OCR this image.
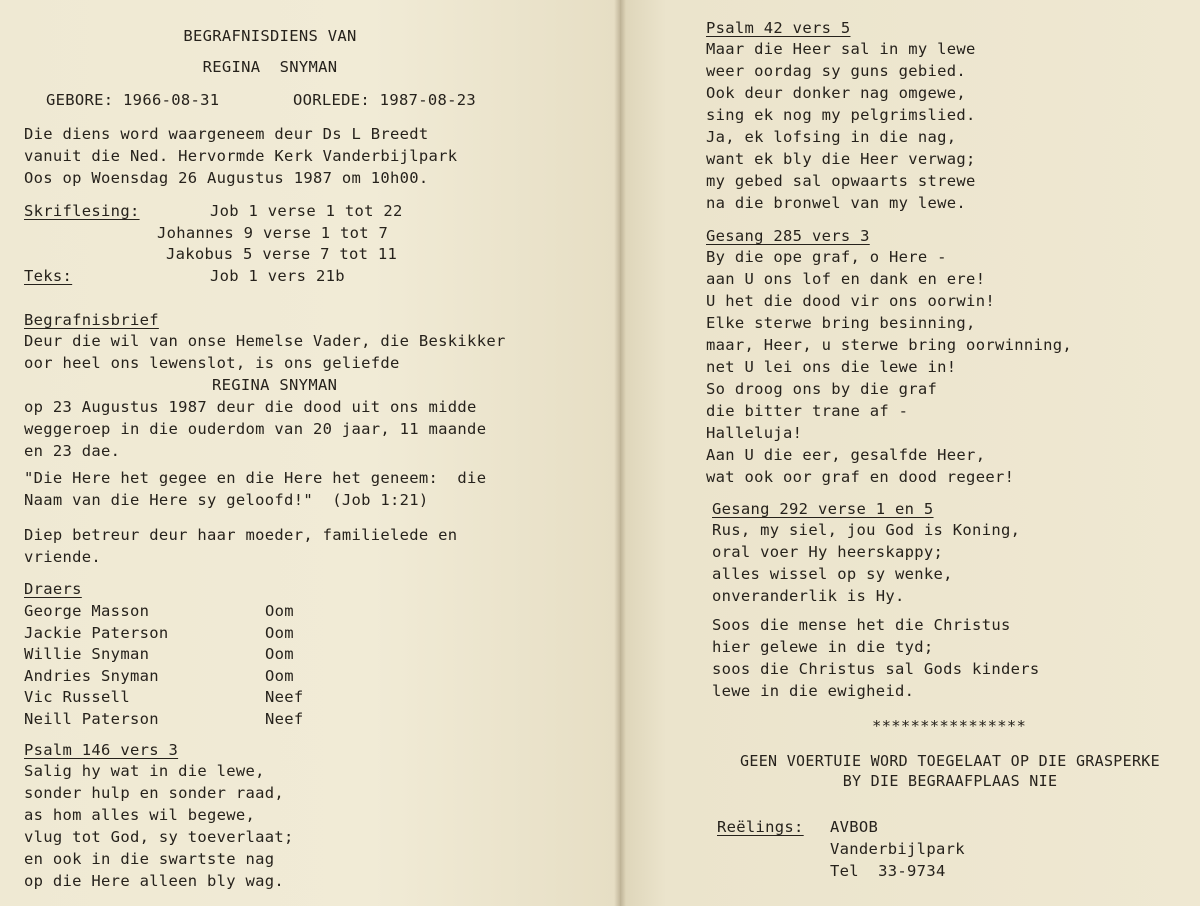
BEGRAFNISDIENS VAN
REGINA  SNYMAN
GEBORE: 1966-08-31	OORLEDE: 1987-08-23
Die diens word waargeneem deur Ds L Breedt
vanuit die Ned. Hervormde Kerk Vanderbijlpark
Oos op Woensdag 26 Augustus 1987 om 10h00.
Skriflesing:	Job 1 verse 1 tot 22
Johannes 9 verse 1 tot 7
Jakobus 5 verse 7 tot 11
Teks:	Job 1 vers 21b
Begrafnisbrief
Deur die wil van onse Hemelse Vader, die Beskikker
oor heel ons lewenslot, is ons geliefde
REGINA SNYMAN
op 23 Augustus 1987 deur die dood uit ons midde
weggeroep in die ouderdom van 20 jaar, 11 maande
en 23 dae.
"Die Here het gegee en die Here het geneem:  die
Naam van die Here sy geloofd!"  (Job 1:21)
Diep betreur deur haar moeder, familielede en
vriende.
Draers
George Masson	Oom
Jackie Paterson	Oom
Willie Snyman	Oom
Andries Snyman	Oom
Vic Russell	Neef
Neill Paterson	Neef
Psalm 146 vers 3
Salig hy wat in die lewe,
sonder hulp en sonder raad,
as hom alles wil begewe,
vlug tot God, sy toeverlaat;
en ook in die swartste nag
op die Here alleen bly wag.
Psalm 42 vers 5
Maar die Heer sal in my lewe
weer oordag sy guns gebied.
Ook deur donker nag omgewe,
sing ek nog my pelgrimslied.
Ja, ek lofsing in die nag,
want ek bly die Heer verwag;
my gebed sal opwaarts strewe
na die bronwel van my lewe.
Gesang 285 vers 3
By die ope graf, o Here -
aan U ons lof en dank en ere!
U het die dood vir ons oorwin!
Elke sterwe bring besinning,
maar, Heer, u sterwe bring oorwinning,
net U lei ons die lewe in!
So droog ons by die graf
die bitter trane af -
Halleluja!
Aan U die eer, gesalfde Heer,
wat ook oor graf en dood regeer!
Gesang 292 verse 1 en 5
Rus, my siel, jou God is Koning,
oral voer Hy heerskappy;
alles wissel op sy wenke,
onveranderlik is Hy.
Soos die mense het die Christus
hier gelewe in die tyd;
soos die Christus sal Gods kinders
lewe in die ewigheid.
****************
GEEN VOERTUIE WORD TOEGELAAT OP DIE GRASPERKE
BY DIE BEGRAAFPLAAS NIE
Reëlings: AVBOB
Vanderbijlpark
Tel  33-9734
